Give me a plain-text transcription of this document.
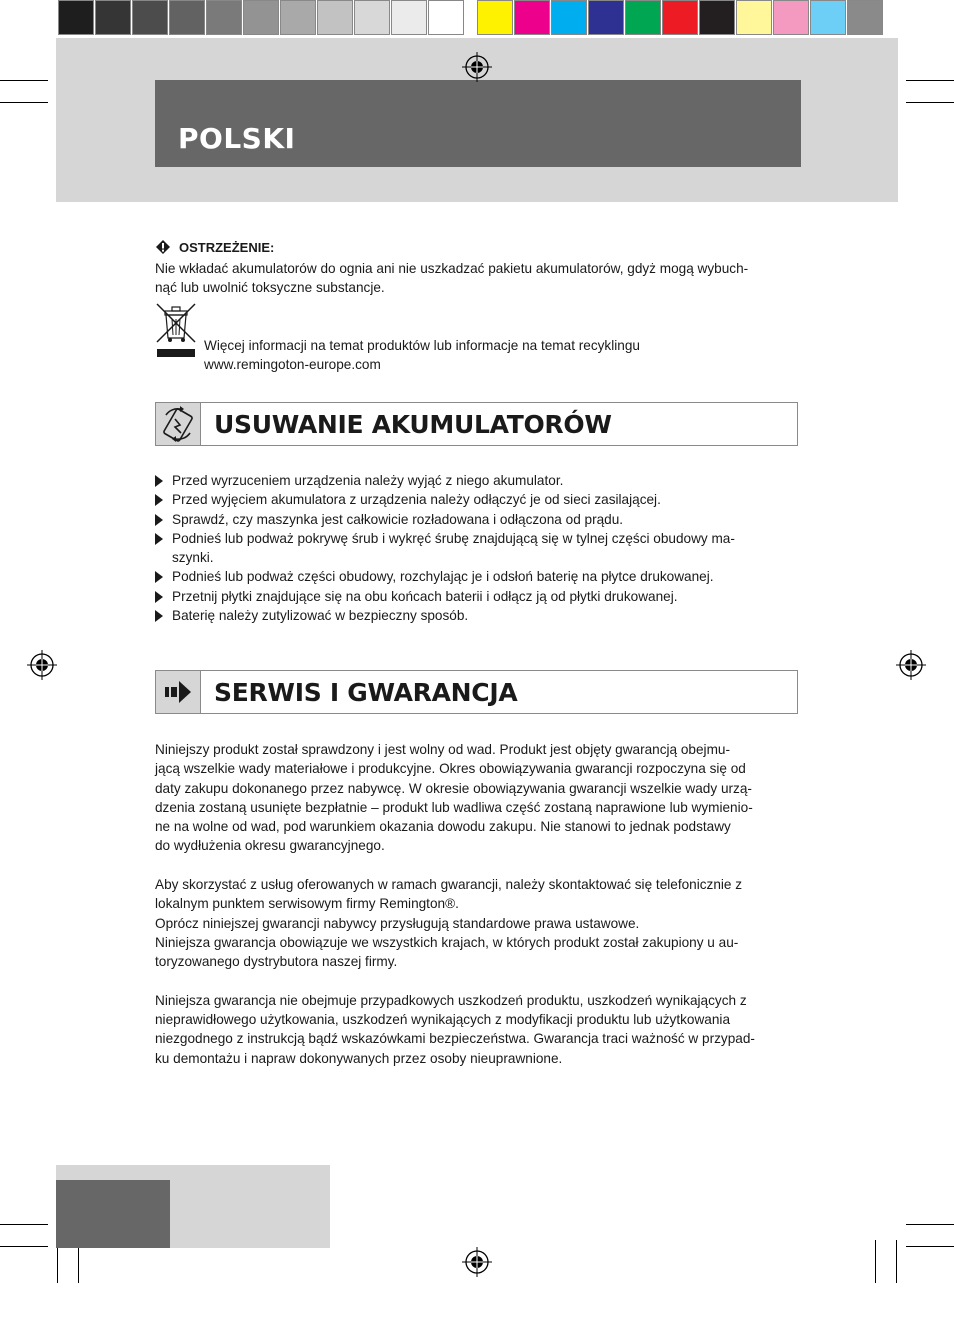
POLSKI
OSTRZEŻENIE:

Nie wkładać akumulatorów do ognia ani nie uszkadzać pakietu akumulatorów, gdyż mogą wybuch-

nąć lub uwolnić toksyczne substancje.

Więcej informacji na temat produktów lub informacje na temat recyklingu
www.remingoton-europe.com
USUWANIE AKUMULATORÓW
Przed wyrzuceniem urządzenia należy wyjąć z niego akumulator.
Przed wyjęciem akumulatora z urządzenia należy odłączyć je od sieci zasilającej.
Sprawdź, czy maszynka jest całkowicie rozładowana i odłączona od prądu.
Podnieś lub podważ pokrywę śrub i wykręć śrubę znajdującą się w tylnej części obudowy ma-
szynki.
Podnieś lub podważ części obudowy, rozchylając je i odsłoń baterię na płytce drukowanej.
Przetnij płytki znajdujące się na obu końcach baterii i odłącz ją od płytki drukowanej.
Baterię należy zutylizować w bezpieczny sposób.
SERWIS I GWARANCJA
Niniejszy produkt został sprawdzony i jest wolny od wad. Produkt jest objęty gwarancją obejmu-
jącą wszelkie wady materiałowe i produkcyjne. Okres obowiązywania gwarancji rozpoczyna się od
daty zakupu dokonanego przez nabywcę. W okresie obowiązywania gwarancji wszelkie wady urzą-
dzenia zostaną usunięte bezpłatnie – produkt lub wadliwa część zostaną naprawione lub wymienio-
ne na wolne od wad, pod warunkiem okazania dowodu zakupu. Nie stanowi to jednak podstawy
do wydłużenia okresu gwarancyjnego.
Aby skorzystać z usług oferowanych w ramach gwarancji, należy skontaktować się telefonicznie z
lokalnym punktem serwisowym firmy Remington®.
Oprócz niniejszej gwarancji nabywcy przysługują standardowe prawa ustawowe.
Niniejsza gwarancja obowiązuje we wszystkich krajach, w których produkt został zakupiony u au-
toryzowanego dystrybutora naszej firmy.
Niniejsza gwarancja nie obejmuje przypadkowych uszkodzeń produktu, uszkodzeń wynikających z
nieprawidłowego użytkowania, uszkodzeń wynikających z modyfikacji produktu lub użytkowania
niezgodnego z instrukcją bądź wskazówkami bezpieczeństwa. Gwarancja traci ważność w przypad-
ku demontażu i napraw dokonywanych przez osoby nieuprawnione.
